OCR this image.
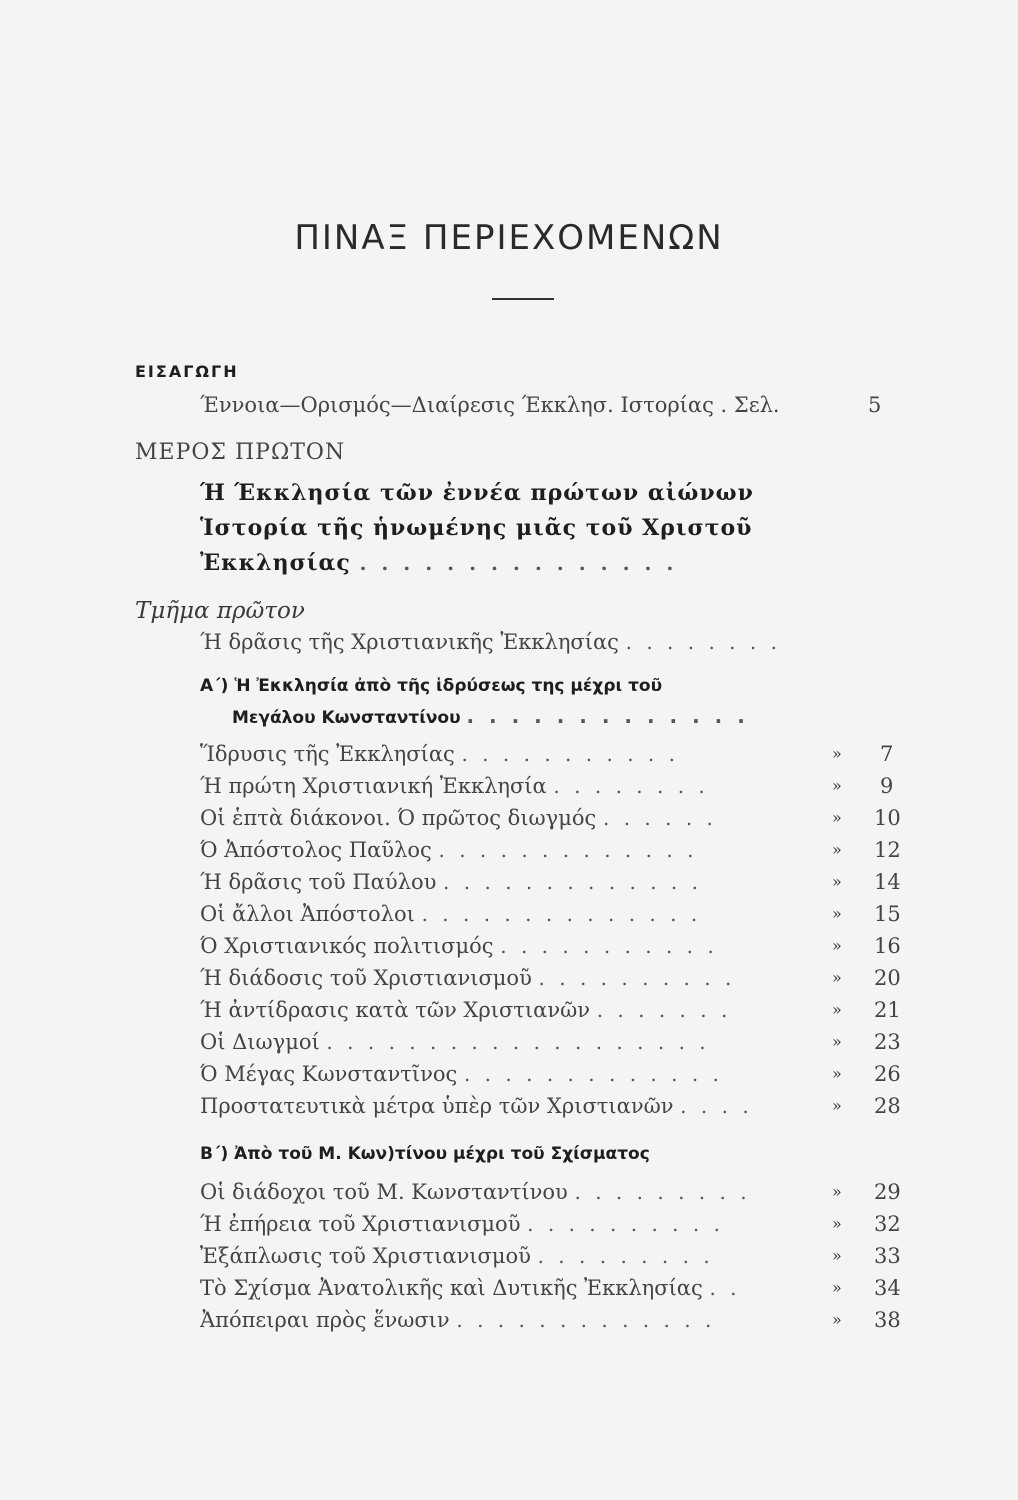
ΠΙΝΑΞ ΠΕΡΙΕΧΟΜΕΝΩΝ
ΕΙΣΑΓΩΓΗ
Έννοια—Ορισμός—Διαίρεσις Έκκλησ. Ιστορίας . Σελ.	5
ΜΕΡΟΣ ΠΡΩΤΟΝ
Ή Έκκλησία τῶν ἐννέα πρώτων αἰώνων
Ἱστορία τῆς ἡνωμένης μιᾶς τοῦ Χριστοῦ
Ἐκκλησίας . . . . . . . . . . . . . . .
Τμῆμα πρῶτον
Ή δρᾶσις τῆς Χριστιανικῆς Ἐκκλησίας . . . . . . . .
Α΄) Ἡ Ἐκκλησία ἀπὸ τῆς ἱδρύσεως της μέχρι τοῦ
Μεγάλου Κωνσταντίνου . . . . . . . . . . . . .
Ἵδρυσις τῆς Ἐκκλησίας . . . . . . . . . . .	» 7
Ή πρώτη Χριστιανική Ἐκκλησία . . . . . . . .	» 9
Οἱ ἑπτὰ διάκονοι. Ό πρῶτος διωγμός . . . . . .	» 10
Ό Ἀπόστολος Παῦλος . . . . . . . . . . . . .	» 12
Ή δρᾶσις τοῦ Παύλου . . . . . . . . . . . . .	» 14
Οἱ ἄλλοι Ἀπόστολοι . . . . . . . . . . . . . .	» 15
Ό Χριστιανικός πολιτισμός . . . . . . . . . . .	» 16
Ή διάδοσις τοῦ Χριστιανισμοῦ . . . . . . . . . .	» 20
Ή ἀντίδρασις κατὰ τῶν Χριστιανῶν . . . . . . .	» 21
Οἱ Διωγμοί . . . . . . . . . . . . . . . . . . .	» 23
Ό Μέγας Κωνσταντῖνος . . . . . . . . . . . . .	» 26
Προστατευτικὰ μέτρα ὑπὲρ τῶν Χριστιανῶν . . . .	» 28
Β΄) Ἀπὸ τοῦ Μ. Κων)τίνου μέχρι τοῦ Σχίσματος
Οἱ διάδοχοι τοῦ Μ. Κωνσταντίνου . . . . . . . . .	» 29
Ή ἐπήρεια τοῦ Χριστιανισμοῦ . . . . . . . . . .	» 32
Ἐξάπλωσις τοῦ Χριστιανισμοῦ . . . . . . . . .	» 33
Τὸ Σχίσμα Ἀνατολικῆς καὶ Δυτικῆς Ἐκκλησίας . .	» 34
Ἀπόπειραι πρὸς ἕνωσιν . . . . . . . . . . . . .	» 38
